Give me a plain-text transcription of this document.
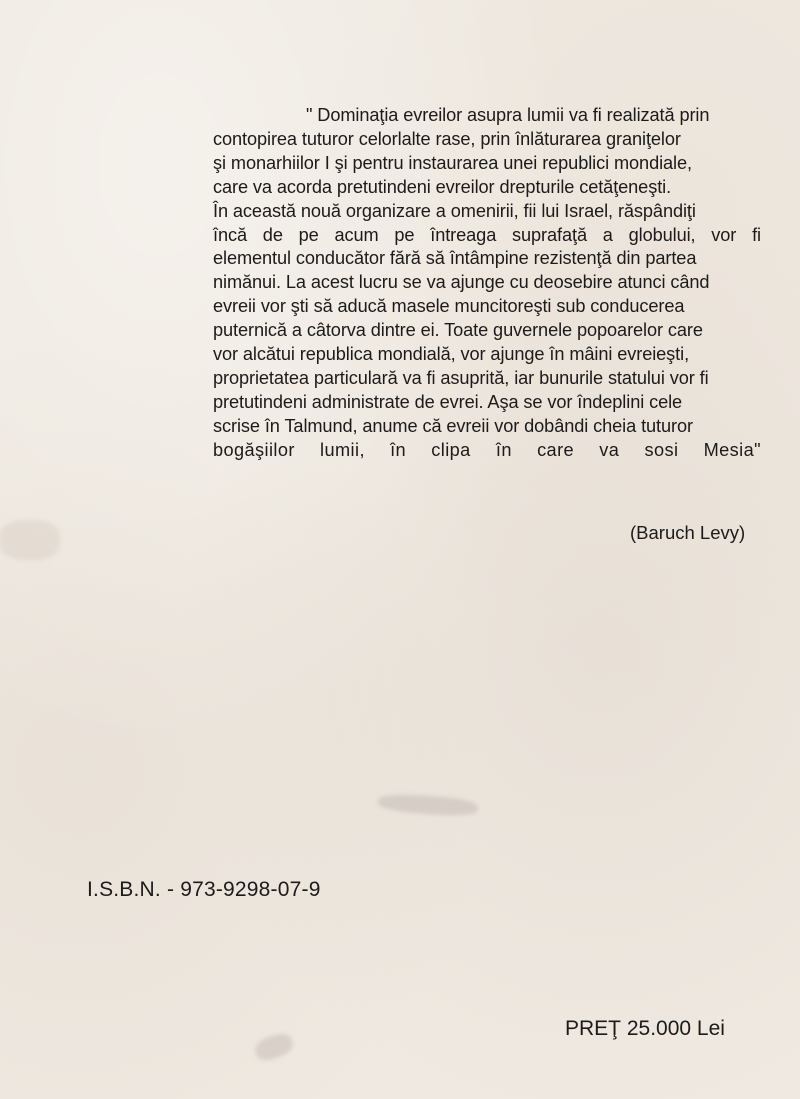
" Dominaţia evreilor asupra lumii va fi realizată prin
contopirea tuturor celorlalte rase, prin înlăturarea graniţelor
şi monarhiilor I şi pentru instaurarea unei republici mondiale,
care va acorda pretutindeni evreilor drepturile cetăţeneşti.
În această nouă organizare a omenirii, fii lui Israel, răspândiţi
încă de pe acum pe întreaga suprafaţă a globului, vor fi
elementul conducător fără să întâmpine rezistenţă din partea
nimănui. La acest lucru se va ajunge cu deosebire atunci când
evreii vor şti să aducă masele muncitoreşti sub conducerea
puternică a câtorva dintre ei. Toate guvernele popoarelor care
vor alcătui republica mondială, vor ajunge în mâini evreieşti,
proprietatea particulară va fi asuprită, iar bunurile statului vor fi
pretutindeni administrate de evrei. Aşa se vor îndeplini cele
scrise în Talmund, anume că evreii vor dobândi cheia tuturor
bogăşiilor lumii, în clipa în care va sosi Mesia"
(Baruch Levy)
I.S.B.N. - 973-9298-07-9
PREŢ 25.000 Lei
